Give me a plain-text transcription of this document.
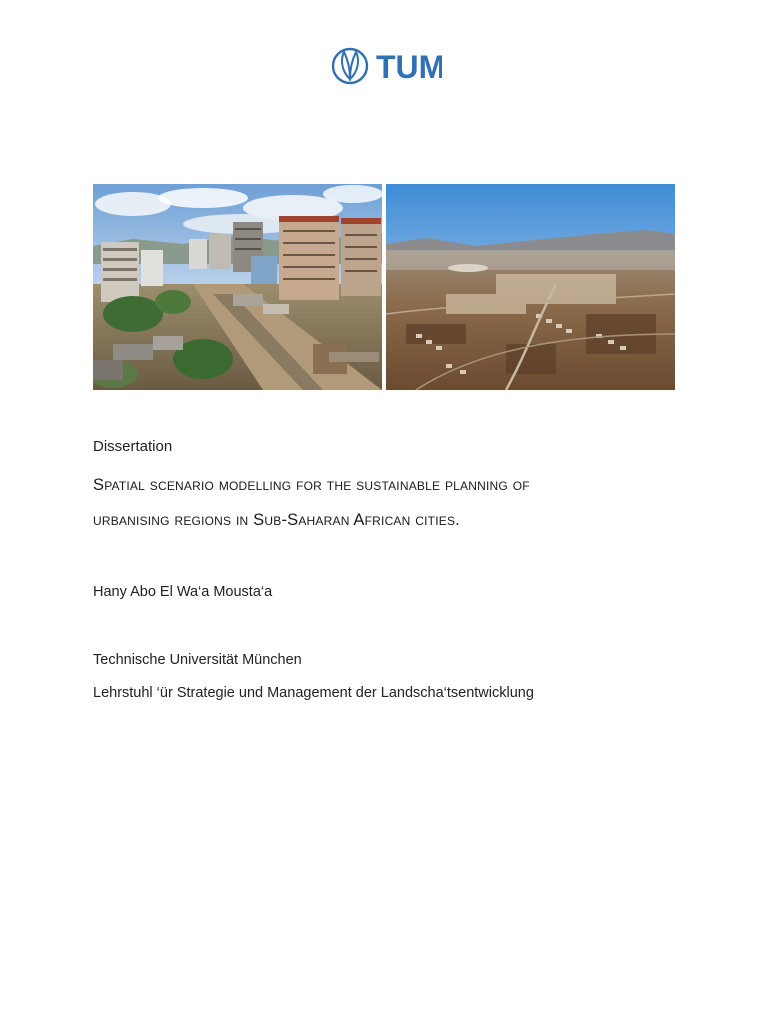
TUM
Dissertation
Spatial scenario modelling for the sustainable planning of
urbanising regions in Sub-Saharan African cities.
Hany Abo El Wa‘a Mousta‘a
Technische Universität München
Lehrstuhl ‘ür Strategie und Management der Landscha‘tsentwicklung
